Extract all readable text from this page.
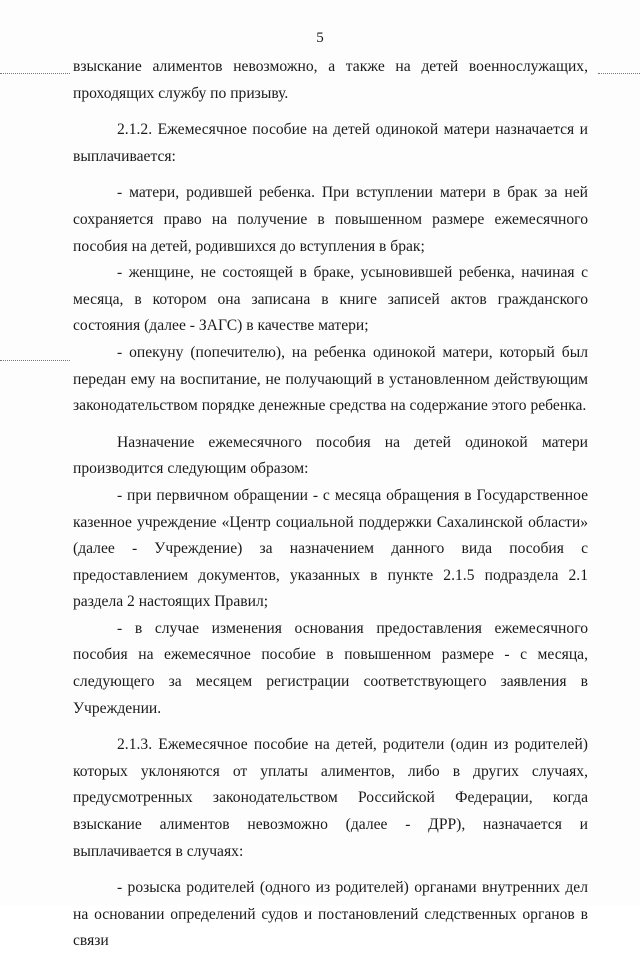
5

взыскание алиментов невозможно, а также на детей военнослужащих, проходящих службу по призыву.

2.1.2. Ежемесячное пособие на детей одинокой матери назначается и выплачивается:

- матери, родившей ребенка. При вступлении матери в брак за ней сохраняется право на получение в повышенном размере ежемесячного пособия на детей, родившихся до вступления в брак;

- женщине, не состоящей в браке, усыновившей ребенка, начиная с месяца, в котором она записана в книге записей актов гражданского состояния (далее - ЗАГС) в качестве матери;

- опекуну (попечителю), на ребенка одинокой матери, который был передан ему на воспитание, не получающий в установленном действующим законодательством порядке денежные средства на содержание этого ребенка.

Назначение ежемесячного пособия на детей одинокой матери производится следующим образом:

- при первичном обращении - с месяца обращения в Государственное казенное учреждение «Центр социальной поддержки Сахалинской области» (далее - Учреждение) за назначением данного вида пособия с предоставлением документов, указанных в пункте 2.1.5 подраздела 2.1 раздела 2 настоящих Правил;

- в случае изменения основания предоставления ежемесячного пособия на ежемесячное пособие в повышенном размере - с месяца, следующего за месяцем регистрации соответствующего заявления в Учреждении.

2.1.3. Ежемесячное пособие на детей, родители (один из родителей) которых уклоняются от уплаты алиментов, либо в других случаях, предусмотренных законодательством Российской Федерации, когда взыскание алиментов невозможно (далее - ДРР), назначается и выплачивается в случаях:

- розыска родителей (одного из родителей) органами внутренних дел на основании определений судов и постановлений следственных органов в связи
